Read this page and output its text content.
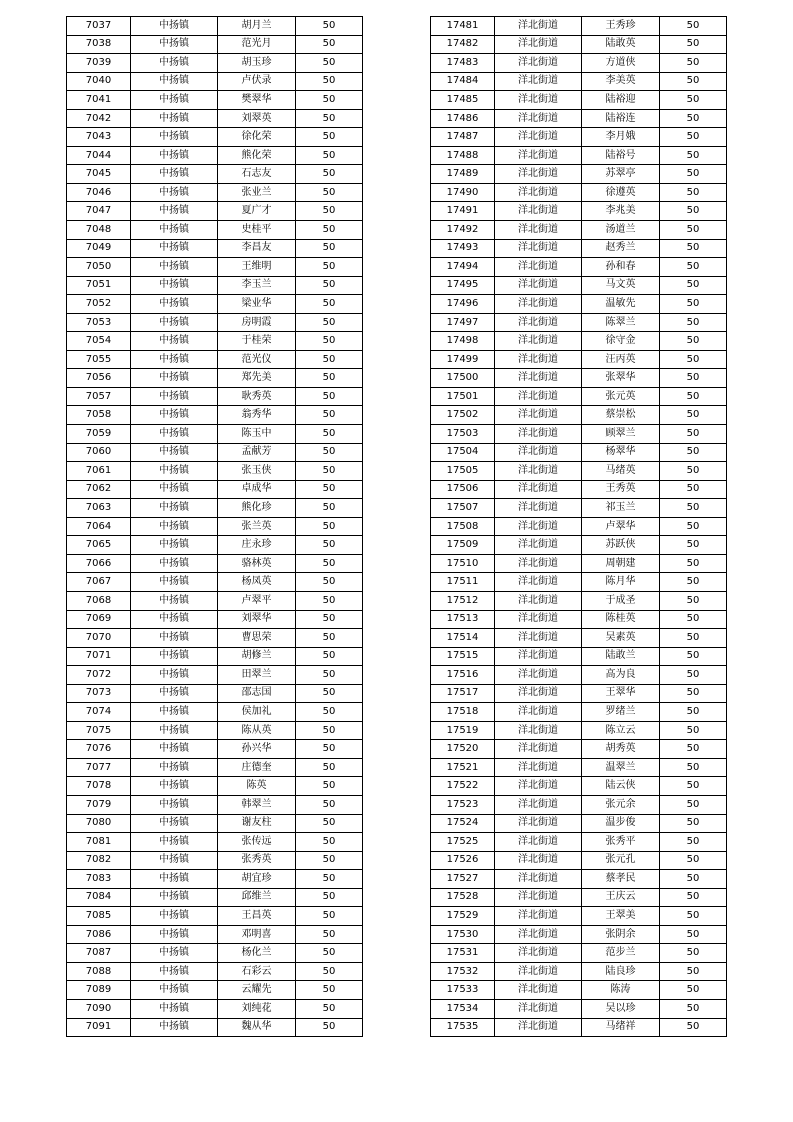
7037	中扬镇	胡月兰	50
7038	中扬镇	范光月	50
7039	中扬镇	胡玉珍	50
7040	中扬镇	卢伏录	50
7041	中扬镇	樊翠华	50
7042	中扬镇	刘翠英	50
7043	中扬镇	徐化荣	50
7044	中扬镇	熊化荣	50
7045	中扬镇	石志友	50
7046	中扬镇	张业兰	50
7047	中扬镇	夏广才	50
7048	中扬镇	史桂平	50
7049	中扬镇	李昌友	50
7050	中扬镇	王维明	50
7051	中扬镇	李玉兰	50
7052	中扬镇	梁业华	50
7053	中扬镇	房明霞	50
7054	中扬镇	于桂荣	50
7055	中扬镇	范光仪	50
7056	中扬镇	郑先美	50
7057	中扬镇	耿秀英	50
7058	中扬镇	翁秀华	50
7059	中扬镇	陈玉中	50
7060	中扬镇	孟献芳	50
7061	中扬镇	张玉侠	50
7062	中扬镇	卓成华	50
7063	中扬镇	熊化珍	50
7064	中扬镇	张兰英	50
7065	中扬镇	庄永珍	50
7066	中扬镇	骆林英	50
7067	中扬镇	杨凤英	50
7068	中扬镇	卢翠平	50
7069	中扬镇	刘翠华	50
7070	中扬镇	曹思荣	50
7071	中扬镇	胡修兰	50
7072	中扬镇	田翠兰	50
7073	中扬镇	邵志国	50
7074	中扬镇	侯加礼	50
7075	中扬镇	陈从英	50
7076	中扬镇	孙兴华	50
7077	中扬镇	庄德奎	50
7078	中扬镇	陈英	50
7079	中扬镇	韩翠兰	50
7080	中扬镇	谢友柱	50
7081	中扬镇	张传远	50
7082	中扬镇	张秀英	50
7083	中扬镇	胡宜珍	50
7084	中扬镇	邱维兰	50
7085	中扬镇	王昌英	50
7086	中扬镇	邓明喜	50
7087	中扬镇	杨化兰	50
7088	中扬镇	石彩云	50
7089	中扬镇	云耀先	50
7090	中扬镇	刘纯花	50
7091	中扬镇	魏从华	50
17481	洋北街道	王秀珍	50
17482	洋北街道	陆敢英	50
17483	洋北街道	方道侠	50
17484	洋北街道	李美英	50
17485	洋北街道	陆裕迎	50
17486	洋北街道	陆裕连	50
17487	洋北街道	李月娥	50
17488	洋北街道	陆裕号	50
17489	洋北街道	苏翠亭	50
17490	洋北街道	徐遵英	50
17491	洋北街道	李兆美	50
17492	洋北街道	汤道兰	50
17493	洋北街道	赵秀兰	50
17494	洋北街道	孙和春	50
17495	洋北街道	马文英	50
17496	洋北街道	温敏先	50
17497	洋北街道	陈翠兰	50
17498	洋北街道	徐守金	50
17499	洋北街道	汪丙英	50
17500	洋北街道	张翠华	50
17501	洋北街道	张元英	50
17502	洋北街道	蔡崇松	50
17503	洋北街道	顾翠兰	50
17504	洋北街道	杨翠华	50
17505	洋北街道	马绪英	50
17506	洋北街道	王秀英	50
17507	洋北街道	祁玉兰	50
17508	洋北街道	卢翠华	50
17509	洋北街道	苏跃侠	50
17510	洋北街道	周朝建	50
17511	洋北街道	陈月华	50
17512	洋北街道	于成圣	50
17513	洋北街道	陈桂英	50
17514	洋北街道	吴素英	50
17515	洋北街道	陆敢兰	50
17516	洋北街道	高为良	50
17517	洋北街道	王翠华	50
17518	洋北街道	罗绪兰	50
17519	洋北街道	陈立云	50
17520	洋北街道	胡秀英	50
17521	洋北街道	温翠兰	50
17522	洋北街道	陆云侠	50
17523	洋北街道	张元余	50
17524	洋北街道	温步俊	50
17525	洋北街道	张秀平	50
17526	洋北街道	张元孔	50
17527	洋北街道	蔡孝民	50
17528	洋北街道	王庆云	50
17529	洋北街道	王翠美	50
17530	洋北街道	张阴余	50
17531	洋北街道	范步兰	50
17532	洋北街道	陆良珍	50
17533	洋北街道	陈涛	50
17534	洋北街道	吴以珍	50
17535	洋北街道	马绪祥	50
